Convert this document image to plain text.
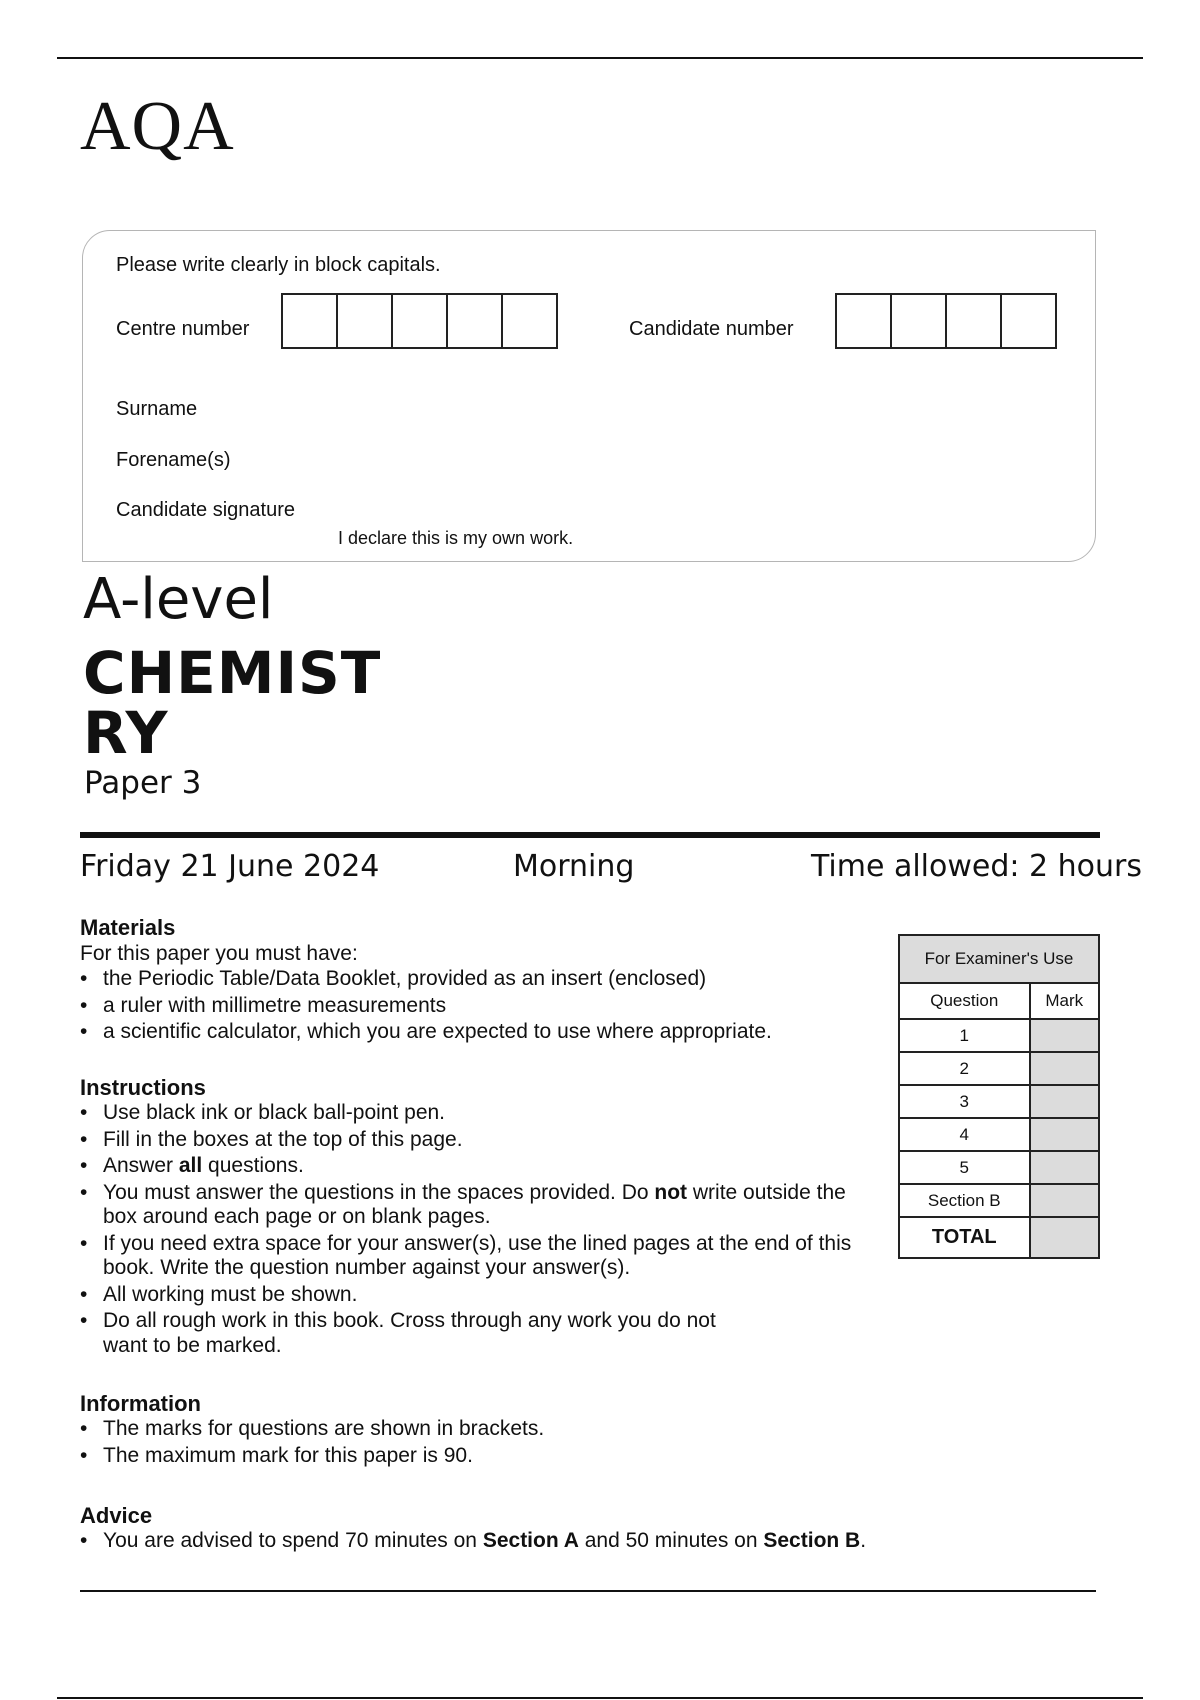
AQA
Please write clearly in block capitals.
Centre number	Candidate number
Surname
Forename(s)
Candidate signature
I declare this is my own work.
A-level
CHEMISTRY
Paper 3
Friday 21 June 2024	Morning	Time allowed: 2 hours
Materials
For this paper you must have:
• the Periodic Table/Data Booklet, provided as an insert (enclosed)
• a ruler with millimetre measurements
• a scientific calculator, which you are expected to use where appropriate.
Instructions
• Use black ink or black ball-point pen.
• Fill in the boxes at the top of this page.
• Answer all questions.
• You must answer the questions in the spaces provided. Do not write outside the box around each page or on blank pages.
• If you need extra space for your answer(s), use the lined pages at the end of this book. Write the question number against your answer(s).
• All working must be shown.
• Do all rough work in this book. Cross through any work you do not want to be marked.
Information
• The marks for questions are shown in brackets.
• The maximum mark for this paper is 90.
Advice
• You are advised to spend 70 minutes on Section A and 50 minutes on Section B.
For Examiner's Use	
Question	Mark
1	
2	
3	
4	
5	
Section B	
TOTAL	
